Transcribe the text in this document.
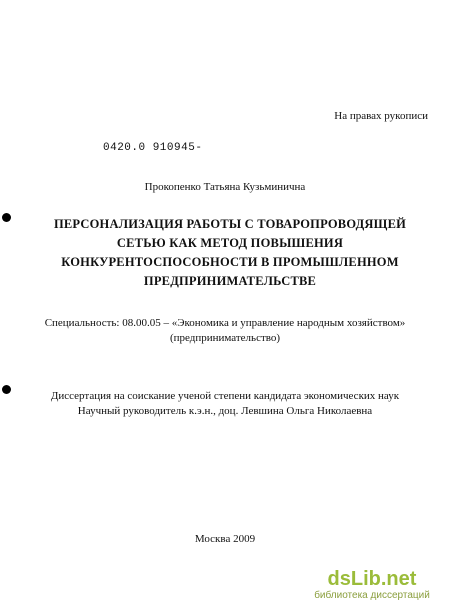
На правах рукописи
0420.0 910945-
Прокопенко Татьяна Кузьминична
ПЕРСОНАЛИЗАЦИЯ РАБОТЫ С ТОВАРОПРОВОДЯЩЕЙ
СЕТЬЮ КАК МЕТОД ПОВЫШЕНИЯ
КОНКУРЕНТОСПОСОБНОСТИ В ПРОМЫШЛЕННОМ
ПРЕДПРИНИМАТЕЛЬСТВЕ
Специальность: 08.00.05 – «Экономика и управление народным хозяйством»
(предпринимательство)
Диссертация на соискание ученой степени кандидата экономических наук
Научный руководитель к.э.н., доц. Левшина Ольга Николаевна
Москва 2009
dsLib.net
библиотека диссертаций
